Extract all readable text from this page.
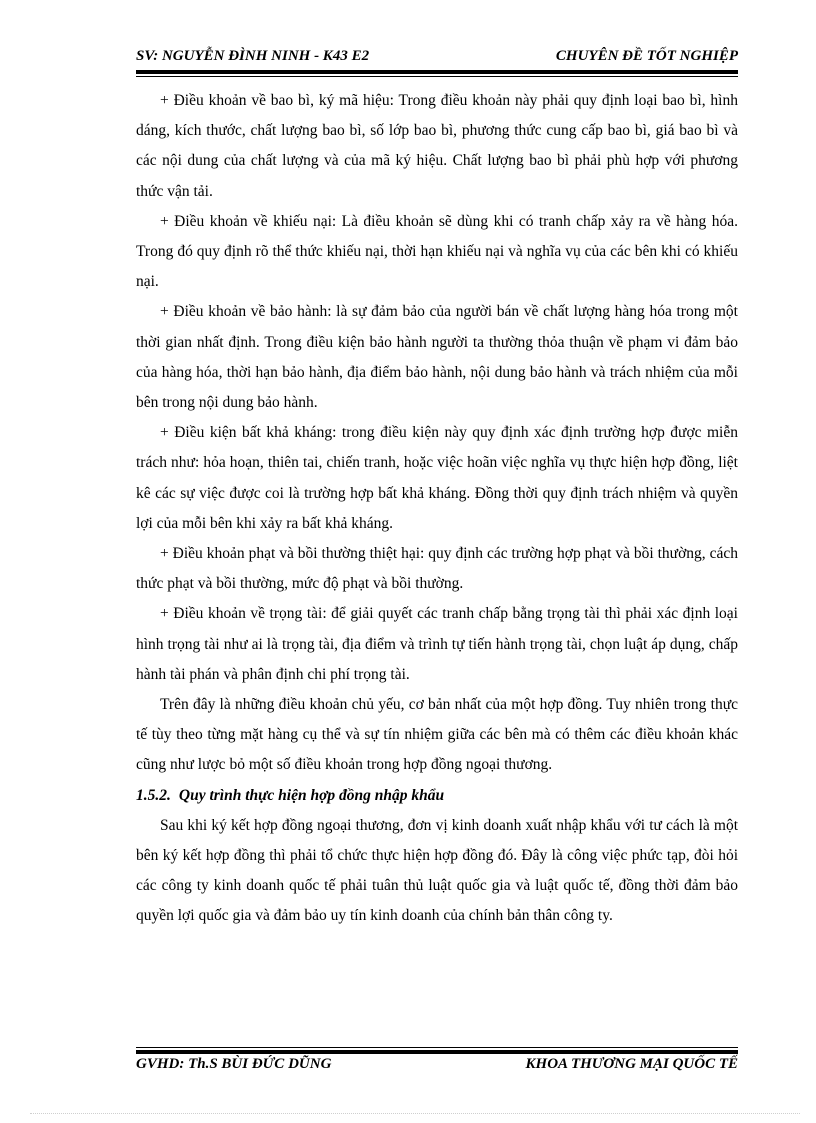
SV: NGUYỄN ĐÌNH NINH - K43 E2	CHUYÊN ĐỀ TỐT NGHIỆP

+ Điều khoản về bao bì, ký mã hiệu: Trong điều khoản này phải quy định loại bao bì, hình dáng, kích thước, chất lượng bao bì, số lớp bao bì, phương thức cung cấp bao bì, giá bao bì và các nội dung của chất lượng và của mã ký hiệu. Chất lượng bao bì phải phù hợp với phương thức vận tải.

+ Điều khoản về khiếu nại: Là điều khoản sẽ dùng khi có tranh chấp xảy ra về hàng hóa. Trong đó quy định rõ thể thức khiếu nại, thời hạn khiếu nại và nghĩa vụ của các bên khi có khiếu nại.

+ Điều khoản về bảo hành: là sự đảm bảo của người bán về chất lượng hàng hóa trong một thời gian nhất định. Trong điều kiện bảo hành người ta thường thỏa thuận về phạm vi đảm bảo của hàng hóa, thời hạn bảo hành, địa điểm bảo hành, nội dung bảo hành và trách nhiệm của mỗi bên trong nội dung bảo hành.

+ Điều kiện bất khả kháng: trong điều kiện này quy định xác định trường hợp được miễn trách như: hỏa hoạn, thiên tai, chiến tranh, hoặc việc hoãn việc nghĩa vụ thực hiện hợp đồng, liệt kê các sự việc được coi là trường hợp bất khả kháng. Đồng thời quy định trách nhiệm và quyền lợi của mỗi bên khi xảy ra bất khả kháng.

+ Điều khoản phạt và bồi thường thiệt hại: quy định các trường hợp phạt và bồi thường, cách thức phạt và bồi thường, mức độ phạt và bồi thường.

+ Điều khoản về trọng tài: để giải quyết các tranh chấp bằng trọng tài thì phải xác định loại hình trọng tài như ai là trọng tài, địa điểm và trình tự tiến hành trọng tài, chọn luật áp dụng, chấp hành tài phán và phân định chi phí trọng tài.

Trên đây là những điều khoản chủ yếu, cơ bản nhất của một hợp đồng. Tuy nhiên trong thực tế tùy theo từng mặt hàng cụ thể và sự tín nhiệm giữa các bên mà có thêm các điều khoản khác cũng như lược bỏ một số điều khoản trong hợp đồng ngoại thương.

1.5.2. Quy trình thực hiện hợp đồng nhập khẩu

Sau khi ký kết hợp đồng ngoại thương, đơn vị kinh doanh xuất nhập khẩu với tư cách là một bên ký kết hợp đồng thì phải tổ chức thực hiện hợp đồng đó. Đây là công việc phức tạp, đòi hỏi các công ty kinh doanh quốc tế phải tuân thủ luật quốc gia và luật quốc tế, đồng thời đảm bảo quyền lợi quốc gia và đảm bảo uy tín kinh doanh của chính bản thân công ty.

GVHD: Th.S BÙI ĐỨC DŨNG	KHOA THƯƠNG MẠI QUỐC TẾ
